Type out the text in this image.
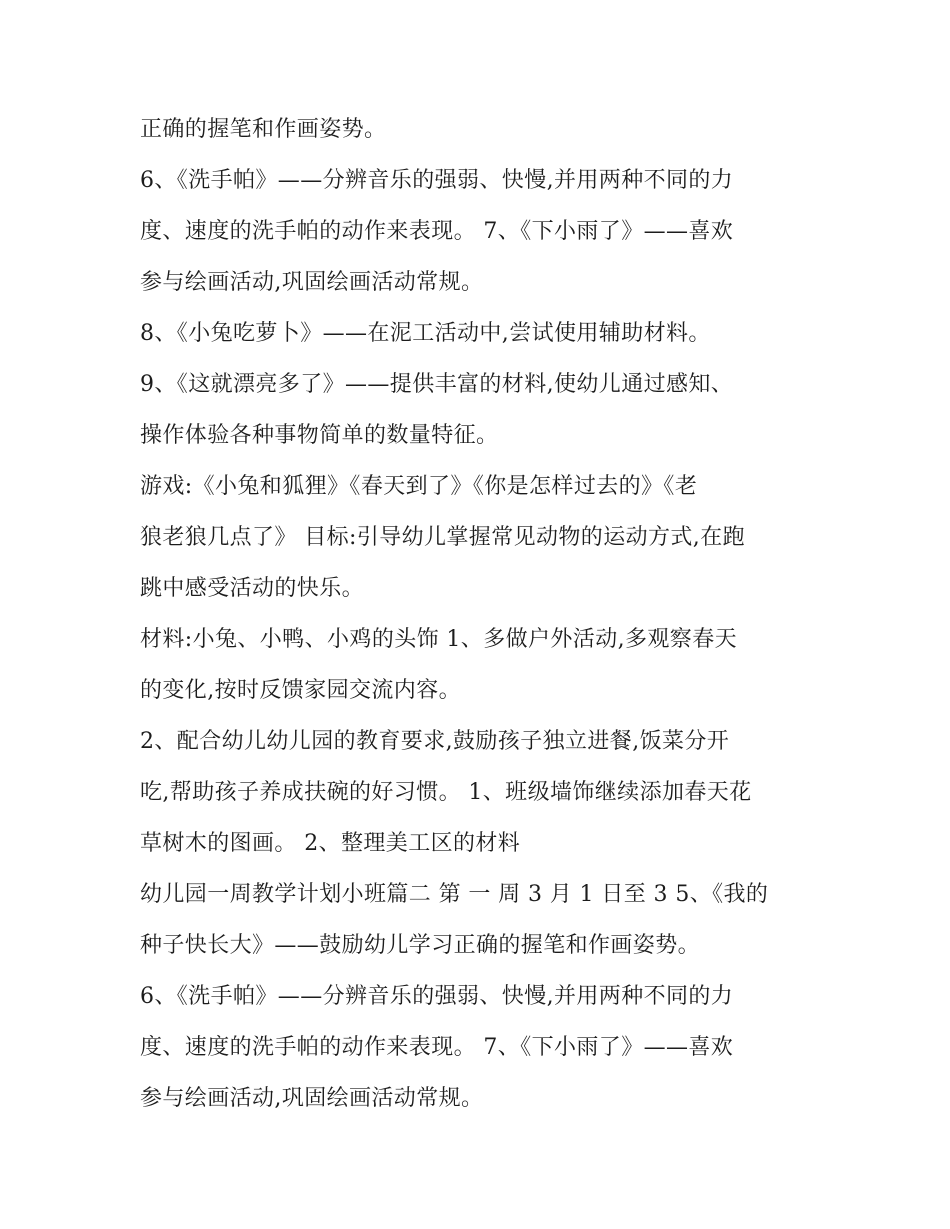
正确的握笔和作画姿势。
6、《洗手帕》——分辨音乐的强弱、快慢,并用两种不同的力
度、速度的洗手帕的动作来表现。 7、《下小雨了》——喜欢
参与绘画活动,巩固绘画活动常规。
8、《小兔吃萝卜》——在泥工活动中,尝试使用辅助材料。
9、《这就漂亮多了》——提供丰富的材料,使幼儿通过感知、
操作体验各种事物简单的数量特征。
游戏:《小兔和狐狸》《春天到了》《你是怎样过去的》《老
狼老狼几点了》 目标:引导幼儿掌握常见动物的运动方式,在跑
跳中感受活动的快乐。
材料:小兔、小鸭、小鸡的头饰 1、多做户外活动,多观察春天
的变化,按时反馈家园交流内容。
2、配合幼儿幼儿园的教育要求,鼓励孩子独立进餐,饭菜分开
吃,帮助孩子养成扶碗的好习惯。 1、班级墙饰继续添加春天花
草树木的图画。 2、整理美工区的材料
幼儿园一周教学计划小班篇二 第 一 周 3 月 1 日至 3 5、《我的
种子快长大》——鼓励幼儿学习正确的握笔和作画姿势。
6、《洗手帕》——分辨音乐的强弱、快慢,并用两种不同的力
度、速度的洗手帕的动作来表现。 7、《下小雨了》——喜欢
参与绘画活动,巩固绘画活动常规。
